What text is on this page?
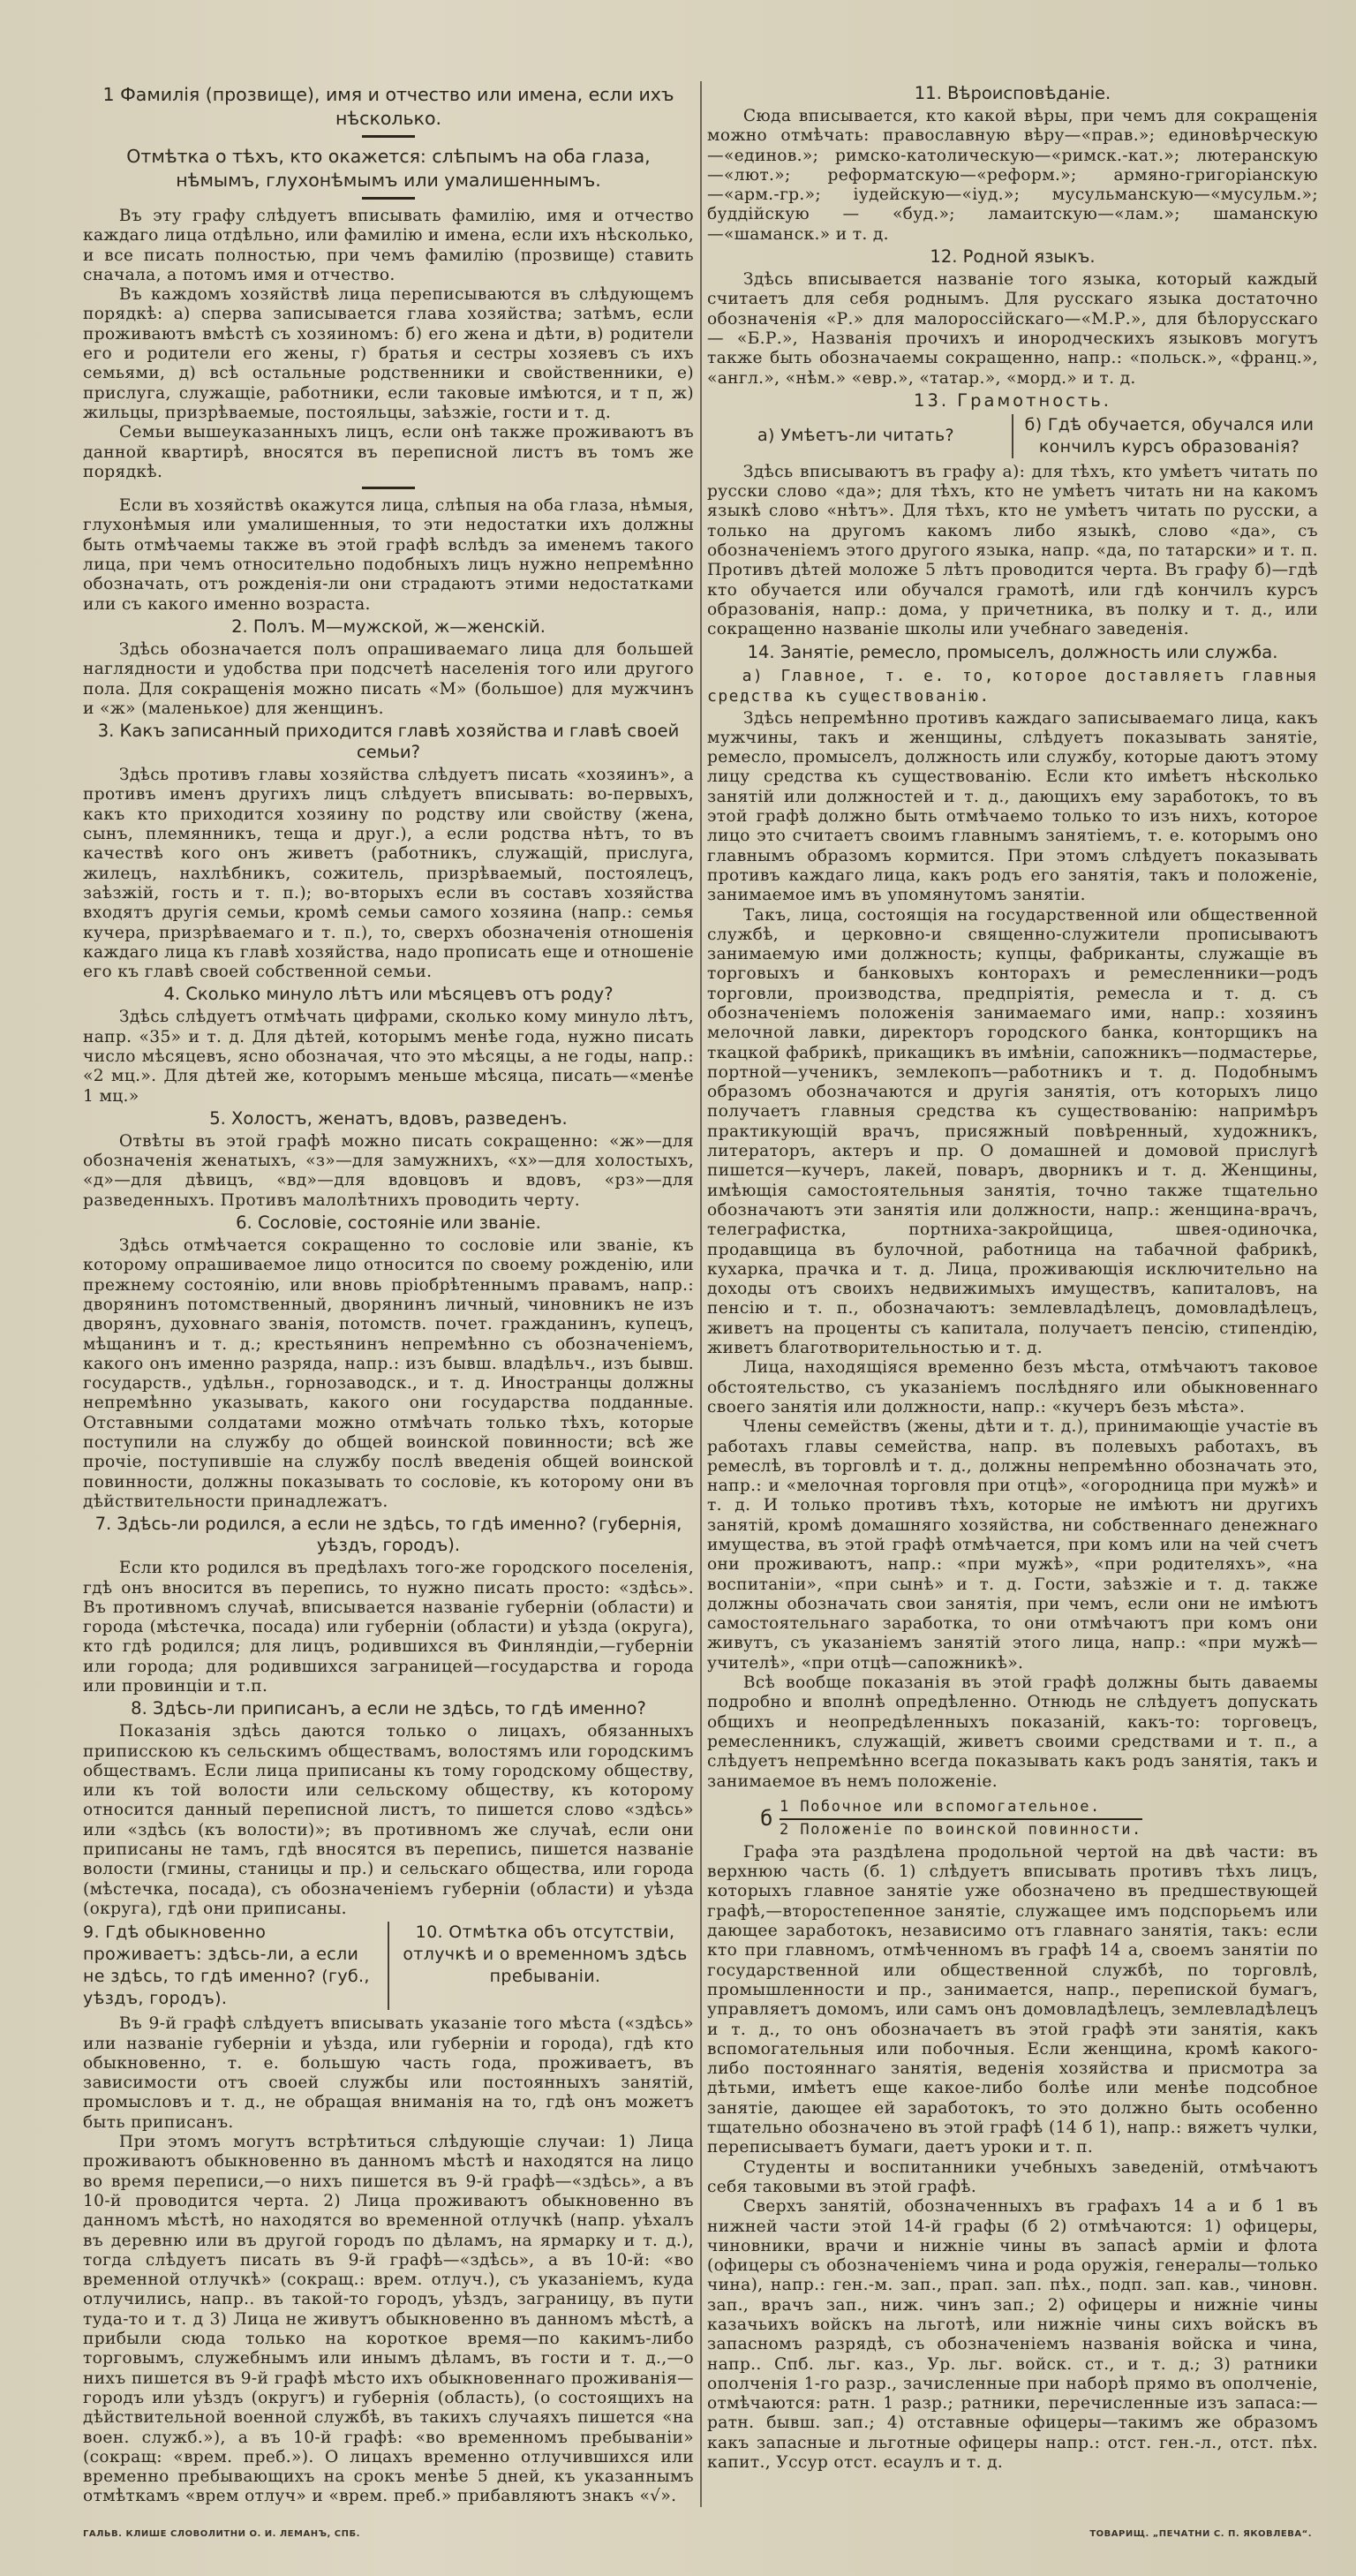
1 Фамилія (прозвище), имя и отчество или имена, если ихъ нѣсколько.
Отмѣтка о тѣхъ, кто окажется: слѣпымъ на оба глаза, нѣмымъ, глухонѣмымъ или умалишеннымъ.

Въ эту графу слѣдуетъ вписывать фамилію, имя и отчество каждаго лица отдѣльно, или фамилію и имена, если ихъ нѣсколько, и все писать полностью, при чемъ фамилію (прозвище) ставить сначала, а потомъ имя и отчество.

Въ каждомъ хозяйствѣ лица переписываются въ слѣдующемъ порядкѣ: а) сперва записывается глава хозяйства; затѣмъ, если проживаютъ вмѣстѣ съ хозяиномъ: б) его жена и дѣти, в) родители его и родители его жены, г) братья и сестры хозяевъ съ ихъ семьями, д) всѣ остальные родственники и свойственники, е) прислуга, служащіе, работники, если таковые имѣются, и т п, ж) жильцы, призрѣваемые, постояльцы, заѣзжіе, гости и т. д.

Семьи вышеуказанныхъ лицъ, если онѣ также проживаютъ въ данной квартирѣ, вносятся въ переписной листъ въ томъ же порядкѣ.

Если въ хозяйствѣ окажутся лица, слѣпыя на оба глаза, нѣмыя, глухонѣмыя или умалишенныя, то эти недостатки ихъ должны быть отмѣчаемы также въ этой графѣ вслѣдъ за именемъ такого лица, при чемъ относительно подобныхъ лицъ нужно непремѣнно обозначать, отъ рожденія-ли они страдаютъ этими недостатками или съ какого именно возраста.

2. Полъ. М—мужской, ж—женскій.

Здѣсь обозначается полъ опрашиваемаго лица для большей наглядности и удобства при подсчетѣ населенія того или другого пола. Для сокращенія можно писать «М» (большое) для мужчинъ и «ж» (маленькое) для женщинъ.

3. Какъ записанный приходится главѣ хозяйства и главѣ своей семьи?

Здѣсь противъ главы хозяйства слѣдуетъ писать «хозяинъ», а противъ именъ другихъ лицъ слѣдуетъ вписывать: во-первыхъ, какъ кто приходится хозяину по родству или свойству (жена, сынъ, племянникъ, теща и друг.), а если родства нѣтъ, то въ качествѣ кого онъ живетъ (работникъ, служащій, прислуга, жилецъ, нахлѣбникъ, сожитель, призрѣваемый, постоялецъ, заѣзжій, гость и т. п.); во-вторыхъ если въ составъ хозяйства входятъ другія семьи, кромѣ семьи самого хозяина (напр.: семья кучера, призрѣваемаго и т. п.), то, сверхъ обозначенія отношенія каждаго лица къ главѣ хозяйства, надо прописать еще и отношеніе его къ главѣ своей собственной семьи.

4. Сколько минуло лѣтъ или мѣсяцевъ отъ роду?

Здѣсь слѣдуетъ отмѣчать цифрами, сколько кому минуло лѣтъ, напр. «35» и т. д. Для дѣтей, которымъ менѣе года, нужно писать число мѣсяцевъ, ясно обозначая, что это мѣсяцы, а не годы, напр.: «2 мц.». Для дѣтей же, которымъ меньше мѣсяца, писать—«менѣе 1 мц.»

5. Холостъ, женатъ, вдовъ, разведенъ.

Отвѣты въ этой графѣ можно писать сокращенно: «ж»—для обозначенія женатыхъ, «з»—для замужнихъ, «х»—для холостыхъ, «д»—для дѣвицъ, «вд»—для вдовцовъ и вдовъ, «рз»—для разведенныхъ. Противъ малолѣтнихъ проводить черту.

6. Сословіе, состояніе или званіе.

Здѣсь отмѣчается сокращенно то сословіе или званіе, къ которому опрашиваемое лицо относится по своему рожденію, или прежнему состоянію, или вновь пріобрѣтеннымъ правамъ, напр.: дворянинъ потомственный, дворянинъ личный, чиновникъ не изъ дворянъ, духовнаго званія, потомств. почет. гражданинъ, купецъ, мѣщанинъ и т. д.; крестьянинъ непремѣнно съ обозначеніемъ, какого онъ именно разряда, напр.: изъ бывш. владѣльч., изъ бывш. государств., удѣльн., горнозаводск., и т. д. Иностранцы должны непремѣнно указывать, какого они государства подданные. Отставными солдатами можно отмѣчать только тѣхъ, которые поступили на службу до общей воинской повинности; всѣ же прочіе, поступившіе на службу послѣ введенія общей воинской повинности, должны показывать то сословіе, къ которому они въ дѣйствительности принадлежатъ.

7. Здѣсь-ли родился, а если не здѣсь, то гдѣ именно? (губернія, уѣздъ, городъ).

Если кто родился въ предѣлахъ того-же городского поселенія, гдѣ онъ вносится въ перепись, то нужно писать просто: «здѣсь». Въ противномъ случаѣ, вписывается названіе губерніи (области) и города (мѣстечка, посада) или губерніи (области) и уѣзда (округа), кто гдѣ родился; для лицъ, родившихся въ Финляндіи,—губерніи или города; для родившихся заграницей—государства и города или провинціи и т.п.

8. Здѣсь-ли приписанъ, а если не здѣсь, то гдѣ именно?

Показанія здѣсь даются только о лицахъ, обязанныхъ приписскою къ сельскимъ обществамъ, волостямъ или городскимъ обществамъ. Если лица приписаны къ тому городскому обществу, или къ той волости или сельскому обществу, къ которому относится данный переписной листъ, то пишется слово «здѣсь» или «здѣсь (къ волости)»; въ противномъ же случаѣ, если они приписаны не тамъ, гдѣ вносятся въ перепись, пишется названіе волости (гмины, станицы и пр.) и сельскаго общества, или города (мѣстечка, посада), съ обозначеніемъ губерніи (области) и уѣзда (округа), гдѣ они приписаны.

9. Гдѣ обыкновенно проживаетъ: здѣсь-ли, а если не здѣсь, то гдѣ именно? (губ., уѣздъ, городъ).
10. Отмѣтка объ отсутствіи, отлучкѣ и о временномъ здѣсь пребываніи.

Въ 9-й графѣ слѣдуетъ вписывать указаніе того мѣста («здѣсь» или названіе губерніи и уѣзда, или губерніи и города), гдѣ кто обыкновенно, т. е. большую часть года, проживаетъ, въ зависимости отъ своей службы или постоянныхъ занятій, промысловъ и т. д., не обращая вниманія на то, гдѣ онъ можетъ быть приписанъ.

При этомъ могутъ встрѣтиться слѣдующіе случаи: 1) Лица проживаютъ обыкновенно въ данномъ мѣстѣ и находятся на лицо во время переписи,—о нихъ пишется въ 9-й графѣ—«здѣсь», а въ 10-й проводится черта. 2) Лица проживаютъ обыкновенно въ данномъ мѣстѣ, но находятся во временной отлучкѣ (напр. уѣхалъ въ деревню или въ другой городъ по дѣламъ, на ярмарку и т. д.), тогда слѣдуетъ писать въ 9-й графѣ—«здѣсь», а въ 10-й: «во временной отлучкѣ» (сокращ.: врем. отлуч.), съ указаніемъ, куда отлучились, напр.. въ такой-то городъ, уѣздъ, заграницу, въ пути туда-то и т. д 3) Лица не живутъ обыкновенно въ данномъ мѣстѣ, а прибыли сюда только на короткое время—по какимъ-либо торговымъ, служебнымъ или инымъ дѣламъ, въ гости и т. д.,—о нихъ пишется въ 9-й графѣ мѣсто ихъ обыкновеннаго проживанія—городъ или уѣздъ (округъ) и губернія (область), (о состоящихъ на дѣйствительной военной службѣ, въ такихъ случаяхъ пишется «на воен. служб.»), а въ 10-й графѣ: «во временномъ пребываніи» (сокращ: «врем. преб.»). О лицахъ временно отлучившихся или временно пребывающихъ на срокъ менѣе 5 дней, къ указаннымъ отмѣткамъ «врем отлуч» и «врем. преб.» прибавляютъ знакъ «√».

11. Вѣроисповѣданіе.

Сюда вписывается, кто какой вѣры, при чемъ для сокращенія можно отмѣчать: православную вѣру—«прав.»; единовѣрческую—«единов.»; римско-католическую—«римск.-кат.»; лютеранскую—«лют.»; реформатскую—«реформ.»; армяно-григоріанскую—«арм.-гр.»; іудейскую—«іуд.»; мусульманскую—«мусульм.»; буддійскую — «буд.»; ламаитскую—«лам.»; шаманскую—«шаманск.» и т. д.

12. Родной языкъ.

Здѣсь вписывается названіе того языка, который каждый считаетъ для себя роднымъ. Для русскаго языка достаточно обозначенія «Р.» для малороссійскаго—«М.Р.», для бѣлорусскаго — «Б.Р.», Названія прочихъ и инородческихъ языковъ могутъ также быть обозначаемы сокращенно, напр.: «польск.», «франц.», «англ.», «нѣм.» «евр.», «татар.», «морд.» и т. д.

13. Грамотность.
а) Умѣетъ-ли читать?
б) Гдѣ обучается, обучался или кончилъ курсъ образованія?

Здѣсь вписываютъ въ графу а): для тѣхъ, кто умѣетъ читать по русски слово «да»; для тѣхъ, кто не умѣетъ читать ни на какомъ языкѣ слово «нѣтъ». Для тѣхъ, кто не умѣетъ читать по русски, а только на другомъ какомъ либо языкѣ, слово «да», съ обозначеніемъ этого другого языка, напр. «да, по татарски» и т. п. Противъ дѣтей моложе 5 лѣтъ проводится черта. Въ графу б)—гдѣ кто обучается или обучался грамотѣ, или гдѣ кончилъ курсъ образованія, напр.: дома, у причетника, въ полку и т. д., или сокращенно названіе школы или учебнаго заведенія.

14. Занятіе, ремесло, промыселъ, должность или служба.
а) Главное, т. е. то, которое доставляетъ главныя средства къ существованію.

Здѣсь непремѣнно противъ каждаго записываемаго лица, какъ мужчины, такъ и женщины, слѣдуетъ показывать занятіе, ремесло, промыселъ, должность или службу, которые даютъ этому лицу средства къ существованію. Если кто имѣетъ нѣсколько занятій или должностей и т. д., дающихъ ему заработокъ, то въ этой графѣ должно быть отмѣчаемо только то изъ нихъ, которое лицо это считаетъ своимъ главнымъ занятіемъ, т. е. которымъ оно главнымъ образомъ кормится. При этомъ слѣдуетъ показывать противъ каждаго лица, какъ родъ его занятія, такъ и положеніе, занимаемое имъ въ упомянутомъ занятіи.

Такъ, лица, состоящія на государственной или общественной службѣ, и церковно-и священно-служители прописываютъ занимаемую ими должность; купцы, фабриканты, служащіе въ торговыхъ и банковыхъ конторахъ и ремесленники—родъ торговли, производства, предпріятія, ремесла и т. д. съ обозначеніемъ положенія занимаемаго ими, напр.: хозяинъ мелочной лавки, директоръ городского банка, конторщикъ на ткацкой фабрикѣ, прикащикъ въ имѣніи, сапожникъ—подмастерье, портной—ученикъ, землекопъ—работникъ и т. д. Подобнымъ образомъ обозначаются и другія занятія, отъ которыхъ лицо получаетъ главныя средства къ существованію: напримѣръ практикующій врачъ, присяжный повѣренный, художникъ, литераторъ, актеръ и пр. О домашней и домовой прислугѣ пишется—кучеръ, лакей, поваръ, дворникъ и т. д. Женщины, имѣющія самостоятельныя занятія, точно также тщательно обозначаютъ эти занятія или должности, напр.: женщина-врачъ, телеграфистка, портниха-закройщица, швея-одиночка, продавщица въ булочной, работница на табачной фабрикѣ, кухарка, прачка и т. д. Лица, проживающія исключительно на доходы отъ своихъ недвижимыхъ имуществъ, капиталовъ, на пенсію и т. п., обозначаютъ: землевладѣлецъ, домовладѣлецъ, живетъ на проценты съ капитала, получаетъ пенсію, стипендію, живетъ благотворительностью и т. д.

Лица, находящіяся временно безъ мѣста, отмѣчаютъ таковое обстоятельство, съ указаніемъ послѣдняго или обыкновеннаго своего занятія или должности, напр.: «кучеръ безъ мѣста».

Члены семействъ (жены, дѣти и т. д.), принимающіе участіе въ работахъ главы семейства, напр. въ полевыхъ работахъ, въ ремеслѣ, въ торговлѣ и т. д., должны непремѣнно обозначать это, напр.: и «мелочная торговля при отцѣ», «огородница при мужѣ» и т. д. И только противъ тѣхъ, которые не имѣютъ ни другихъ занятій, кромѣ домашняго хозяйства, ни собственнаго денежнаго имущества, въ этой графѣ отмѣчается, при комъ или на чей счетъ они проживаютъ, напр.: «при мужѣ», «при родителяхъ», «на воспитаніи», «при сынѣ» и т. д. Гости, заѣзжіе и т. д. также должны обозначать свои занятія, при чемъ, если они не имѣютъ самостоятельнаго заработка, то они отмѣчаютъ при комъ они живутъ, съ указаніемъ занятій этого лица, напр.: «при мужѣ—учителѣ», «при отцѣ—сапожникѣ».

Всѣ вообще показанія въ этой графѣ должны быть даваемы подробно и вполнѣ опредѣленно. Отнюдь не слѣдуетъ допускать общихъ и неопредѣленныхъ показаній, какъ-то: торговецъ, ремесленникъ, служащій, живетъ своими средствами и т. п., а слѣдуетъ непремѣнно всегда показывать какъ родъ занятія, такъ и занимаемое въ немъ положеніе.

б 1 Побочное или вспомогательное.
2 Положеніе по воинской повинности.

Графа эта раздѣлена продольной чертой на двѣ части: въ верхнюю часть (б. 1) слѣдуетъ вписывать противъ тѣхъ лицъ, которыхъ главное занятіе уже обозначено въ предшествующей графѣ,—второстепенное занятіе, служащее имъ подспорьемъ или дающее заработокъ, независимо отъ главнаго занятія, такъ: если кто при главномъ, отмѣченномъ въ графѣ 14 а, своемъ занятіи по государственной или общественной службѣ, по торговлѣ, промышленности и пр., занимается, напр., перепиской бумагъ, управляетъ домомъ, или самъ онъ домовладѣлецъ, землевладѣлецъ и т. д., то онъ обозначаетъ въ этой графѣ эти занятія, какъ вспомогательныя или побочныя. Если женщина, кромѣ какого-либо постояннаго занятія, веденія хозяйства и присмотра за дѣтьми, имѣетъ еще какое-либо болѣе или менѣе подсобное занятіе, дающее ей заработокъ, то это должно быть особенно тщательно обозначено въ этой графѣ (14 б 1), напр.: вяжетъ чулки, переписываетъ бумаги, даетъ уроки и т. п.

Студенты и воспитанники учебныхъ заведеній, отмѣчаютъ себя таковыми въ этой графѣ.

Сверхъ занятій, обозначенныхъ въ графахъ 14 а и б 1 въ нижней части этой 14-й графы (б 2) отмѣчаются: 1) офицеры, чиновники, врачи и нижніе чины въ запасѣ арміи и флота (офицеры съ обозначеніемъ чина и рода оружія, генералы—только чина), напр.: ген.-м. зап., прап. зап. пѣх., подп. зап. кав., чиновн. зап., врачъ зап., ниж. чинъ зап.; 2) офицеры и нижніе чины казачьихъ войскъ на льготѣ, или нижніе чины сихъ войскъ въ запасномъ разрядѣ, съ обозначеніемъ названія войска и чина, напр.. Спб. льг. каз., Ур. льг. войск. ст., и т. д.; 3) ратники ополченія 1-го разр., зачисленные при наборѣ прямо въ ополченіе, отмѣчаются: ратн. 1 разр.; ратники, перечисленные изъ запаса:—ратн. бывш. зап.; 4) отставные офицеры—такимъ же образомъ какъ запасные и льготные офицеры напр.: отст. ген.-л., отст. пѣх. капит., Уссур отст. есаулъ и т. д.

ГАЛЬВ. КЛИШЕ СЛОВОЛИТНИ О. И. ЛЕМАНЪ, СПБ.	ТОВАРИЩ. „ПЕЧАТНИ С. П. ЯКОВЛЕВА“.
